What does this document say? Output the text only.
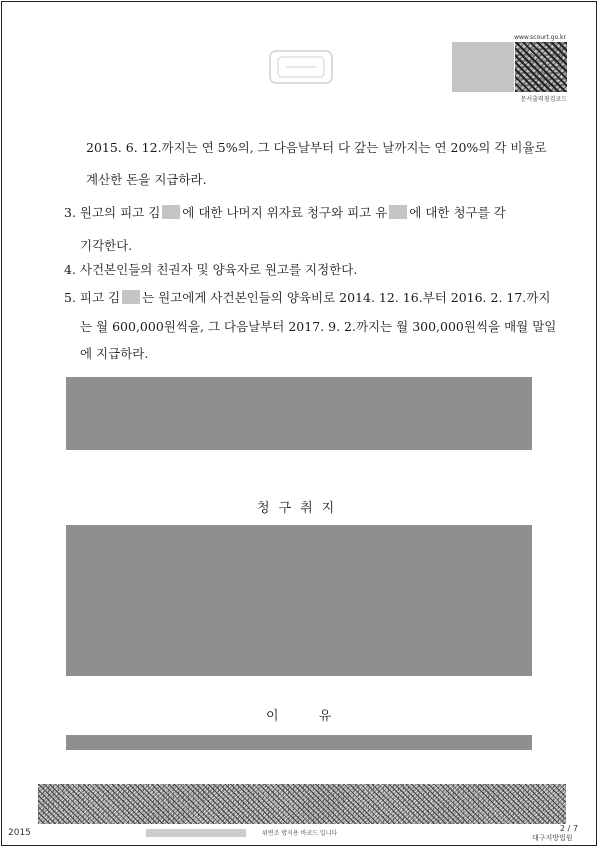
www.scourt.go.kr
문서출력점검코드
2015. 6. 12.까지는 연 5%의, 그 다음날부터 다 갚는 날까지는 연 20%의 각 비율로
계산한 돈을 지급하라.
3. 원고의 피고 김 에 대한 나머지 위자료 청구와 피고 유 에 대한 청구를 각
기각한다.
4. 사건본인들의 친권자 및 양육자로 원고를 지정한다.
5. 피고 김 는 원고에게 사건본인들의 양육비로 2014. 12. 16.부터 2016. 2. 17.까지
는 월 600,000원씩을, 그 다음날부터 2017. 9. 2.까지는 월 300,000원씩을 매월 말일
에 지급하라.
청구취지
이 유
2015	위변조 방지용 바코드 입니다
2 / 7
대구지방법원
